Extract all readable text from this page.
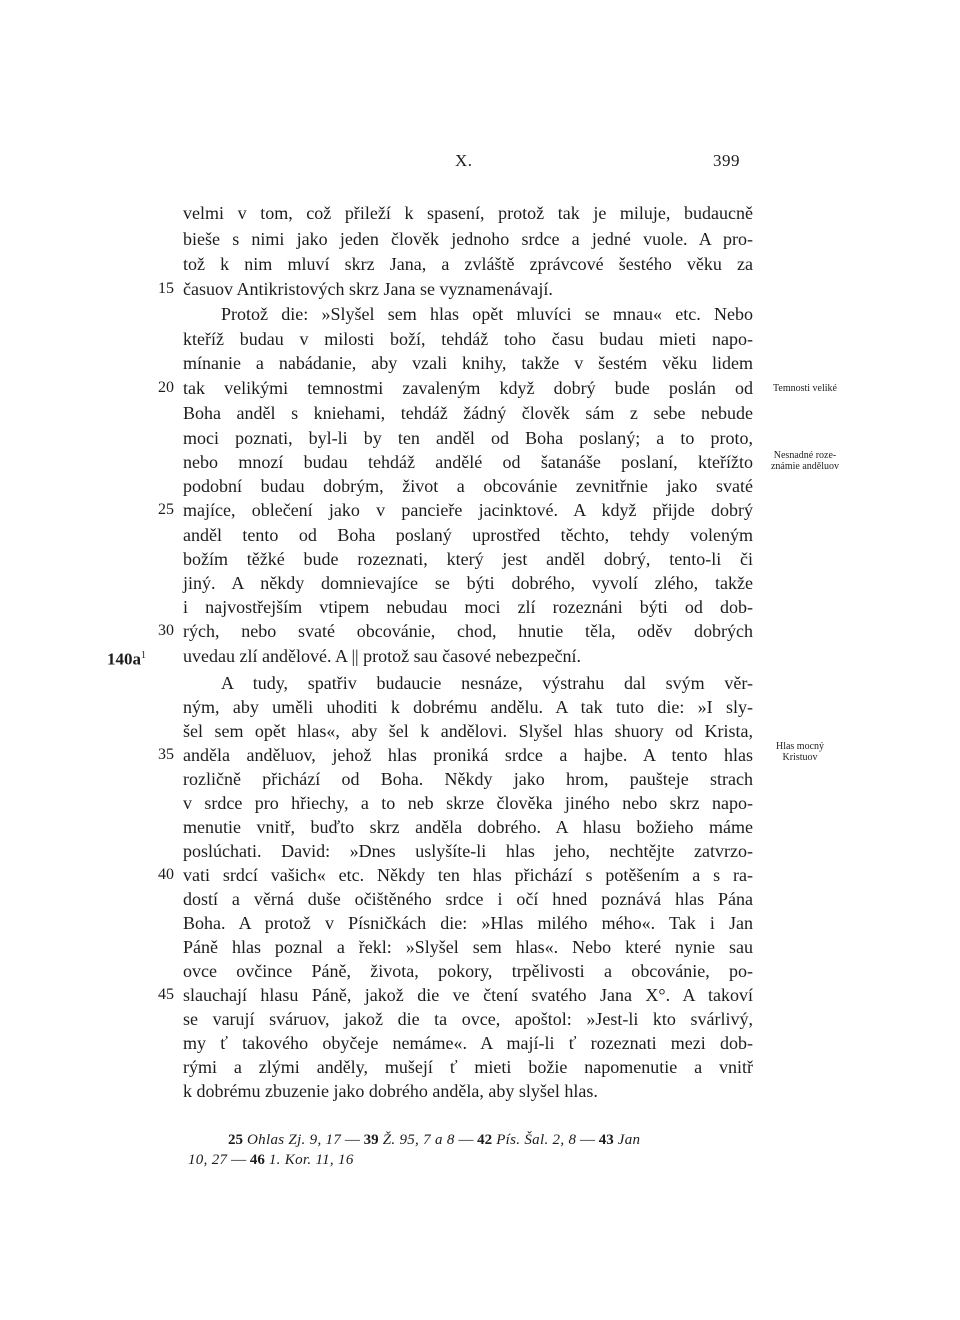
X.	399
velmi v tom, což přileží k spasení, protož tak je miluje, budaucně
bieše s nimi jako jeden člověk jednoho srdce a jedné vuole. A pro-
tož k nim mluví skrz Jana, a zvláště zprávcové šestého věku za
časuov Antikristových skrz Jana se vyznamenávají.
Protož die: »Slyšel sem hlas opět mluvíci se mnau« etc. Nebo
kteříž budau v milosti boží, tehdáž toho času budau mieti napo-
mínanie a nabádanie, aby vzali knihy, takže v šestém věku lidem
tak velikými temnostmi zavaleným když dobrý bude poslán od
Boha anděl s kniehami, tehdáž žádný člověk sám z sebe nebude
moci poznati, byl-li by ten anděl od Boha poslaný; a to proto,
nebo mnozí budau tehdáž andělé od šatanáše poslaní, kteřížto
podobní budau dobrým, život a obcovánie zevnitřnie jako svaté
majíce, oblečení jako v pancieře jacinktové. A když přijde dobrý
anděl tento od Boha poslaný uprostřed těchto, tehdy voleným
božím těžké bude rozeznati, který jest anděl dobrý, tento-li či
jiný. A někdy domnievajíce se býti dobrého, vyvolí zlého, takže
i najvostřejším vtipem nebudau moci zlí rozeznáni býti od dob-
rých, nebo svaté obcovánie, chod, hnutie těla, oděv dobrých
uvedau zlí andělové. A || protož sau časové nebezpeční.
A tudy, spatřiv budaucie nesnáze, výstrahu dal svým věr-
ným, aby uměli uhoditi k dobrému andělu. A tak tuto die: »I sly-
šel sem opět hlas«, aby šel k andělovi. Slyšel hlas shuory od Krista,
anděla anděluov, jehož hlas proniká srdce a hajbe. A tento hlas
rozličně přichází od Boha. Někdy jako hrom, paušteje strach
v srdce pro hřiechy, a to neb skrze člověka jiného nebo skrz napo-
menutie vnitř, buďto skrz anděla dobrého. A hlasu božieho máme
poslúchati. David: »Dnes uslyšíte-li hlas jeho, nechtějte zatvrzo-
vati srdcí vašich« etc. Někdy ten hlas přichází s potěšením a s ra-
dostí a věrná duše očištěného srdce i očí hned poznává hlas Pána
Boha. A protož v Písničkách die: »Hlas milého mého«. Tak i Jan
Páně hlas poznal a řekl: »Slyšel sem hlas«. Nebo které nynie sau
ovce ovčince Páně, života, pokory, trpělivosti a obcovánie, po-
slauchají hlasu Páně, jakož die ve čtení svatého Jana X°. A takoví
se varují sváruov, jakož die ta ovce, apoštol: »Jest-li kto svárlivý,
my ť takového obyčeje nemáme«. A mají-li ť rozeznati mezi dob-
rými a zlými anděly, mušejí ť mieti božie napomenutie a vnitř
k dobrému zbuzenie jako dobrého anděla, aby slyšel hlas.
15
20
25
30
35
40
45
$140a^1$
Temnosti veliké
Nesnadné roze-
známie anděluov
Hlas mocný
Kristuov
25 Ohlas Zj. 9, 17 — 39 Ž. 95, 7 a 8 — 42 Pís. Šal. 2, 8 — 43 Jan
10, 27 — 46 1. Kor. 11, 16
